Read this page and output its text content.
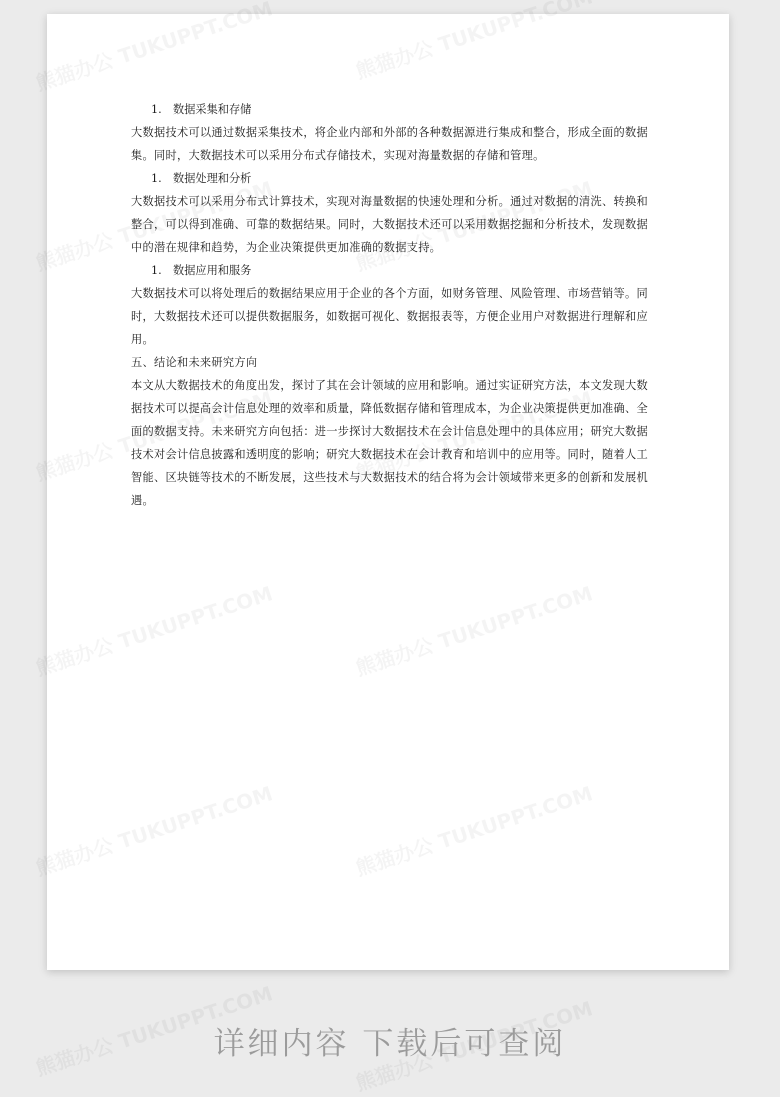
1.	数据采集和存储

大数据技术可以通过数据采集技术，将企业内部和外部的各种数据源进行集成和整合，形成全面的数据集。同时，大数据技术可以采用分布式存储技术，实现对海量数据的存储和管理。

1.	数据处理和分析

大数据技术可以采用分布式计算技术，实现对海量数据的快速处理和分析。通过对数据的清洗、转换和整合，可以得到准确、可靠的数据结果。同时，大数据技术还可以采用数据挖掘和分析技术，发现数据中的潜在规律和趋势，为企业决策提供更加准确的数据支持。

1.	数据应用和服务

大数据技术可以将处理后的数据结果应用于企业的各个方面，如财务管理、风险管理、市场营销等。同时，大数据技术还可以提供数据服务，如数据可视化、数据报表等，方便企业用户对数据进行理解和应用。

五、结论和未来研究方向

本文从大数据技术的角度出发，探讨了其在会计领域的应用和影响。通过实证研究方法，本文发现大数据技术可以提高会计信息处理的效率和质量，降低数据存储和管理成本，为企业决策提供更加准确、全面的数据支持。未来研究方向包括：进一步探讨大数据技术在会计信息处理中的具体应用；研究大数据技术对会计信息披露和透明度的影响；研究大数据技术在会计教育和培训中的应用等。同时，随着人工智能、区块链等技术的不断发展，这些技术与大数据技术的结合将为会计领域带来更多的创新和发展机遇。

详细内容 下载后可查阅
